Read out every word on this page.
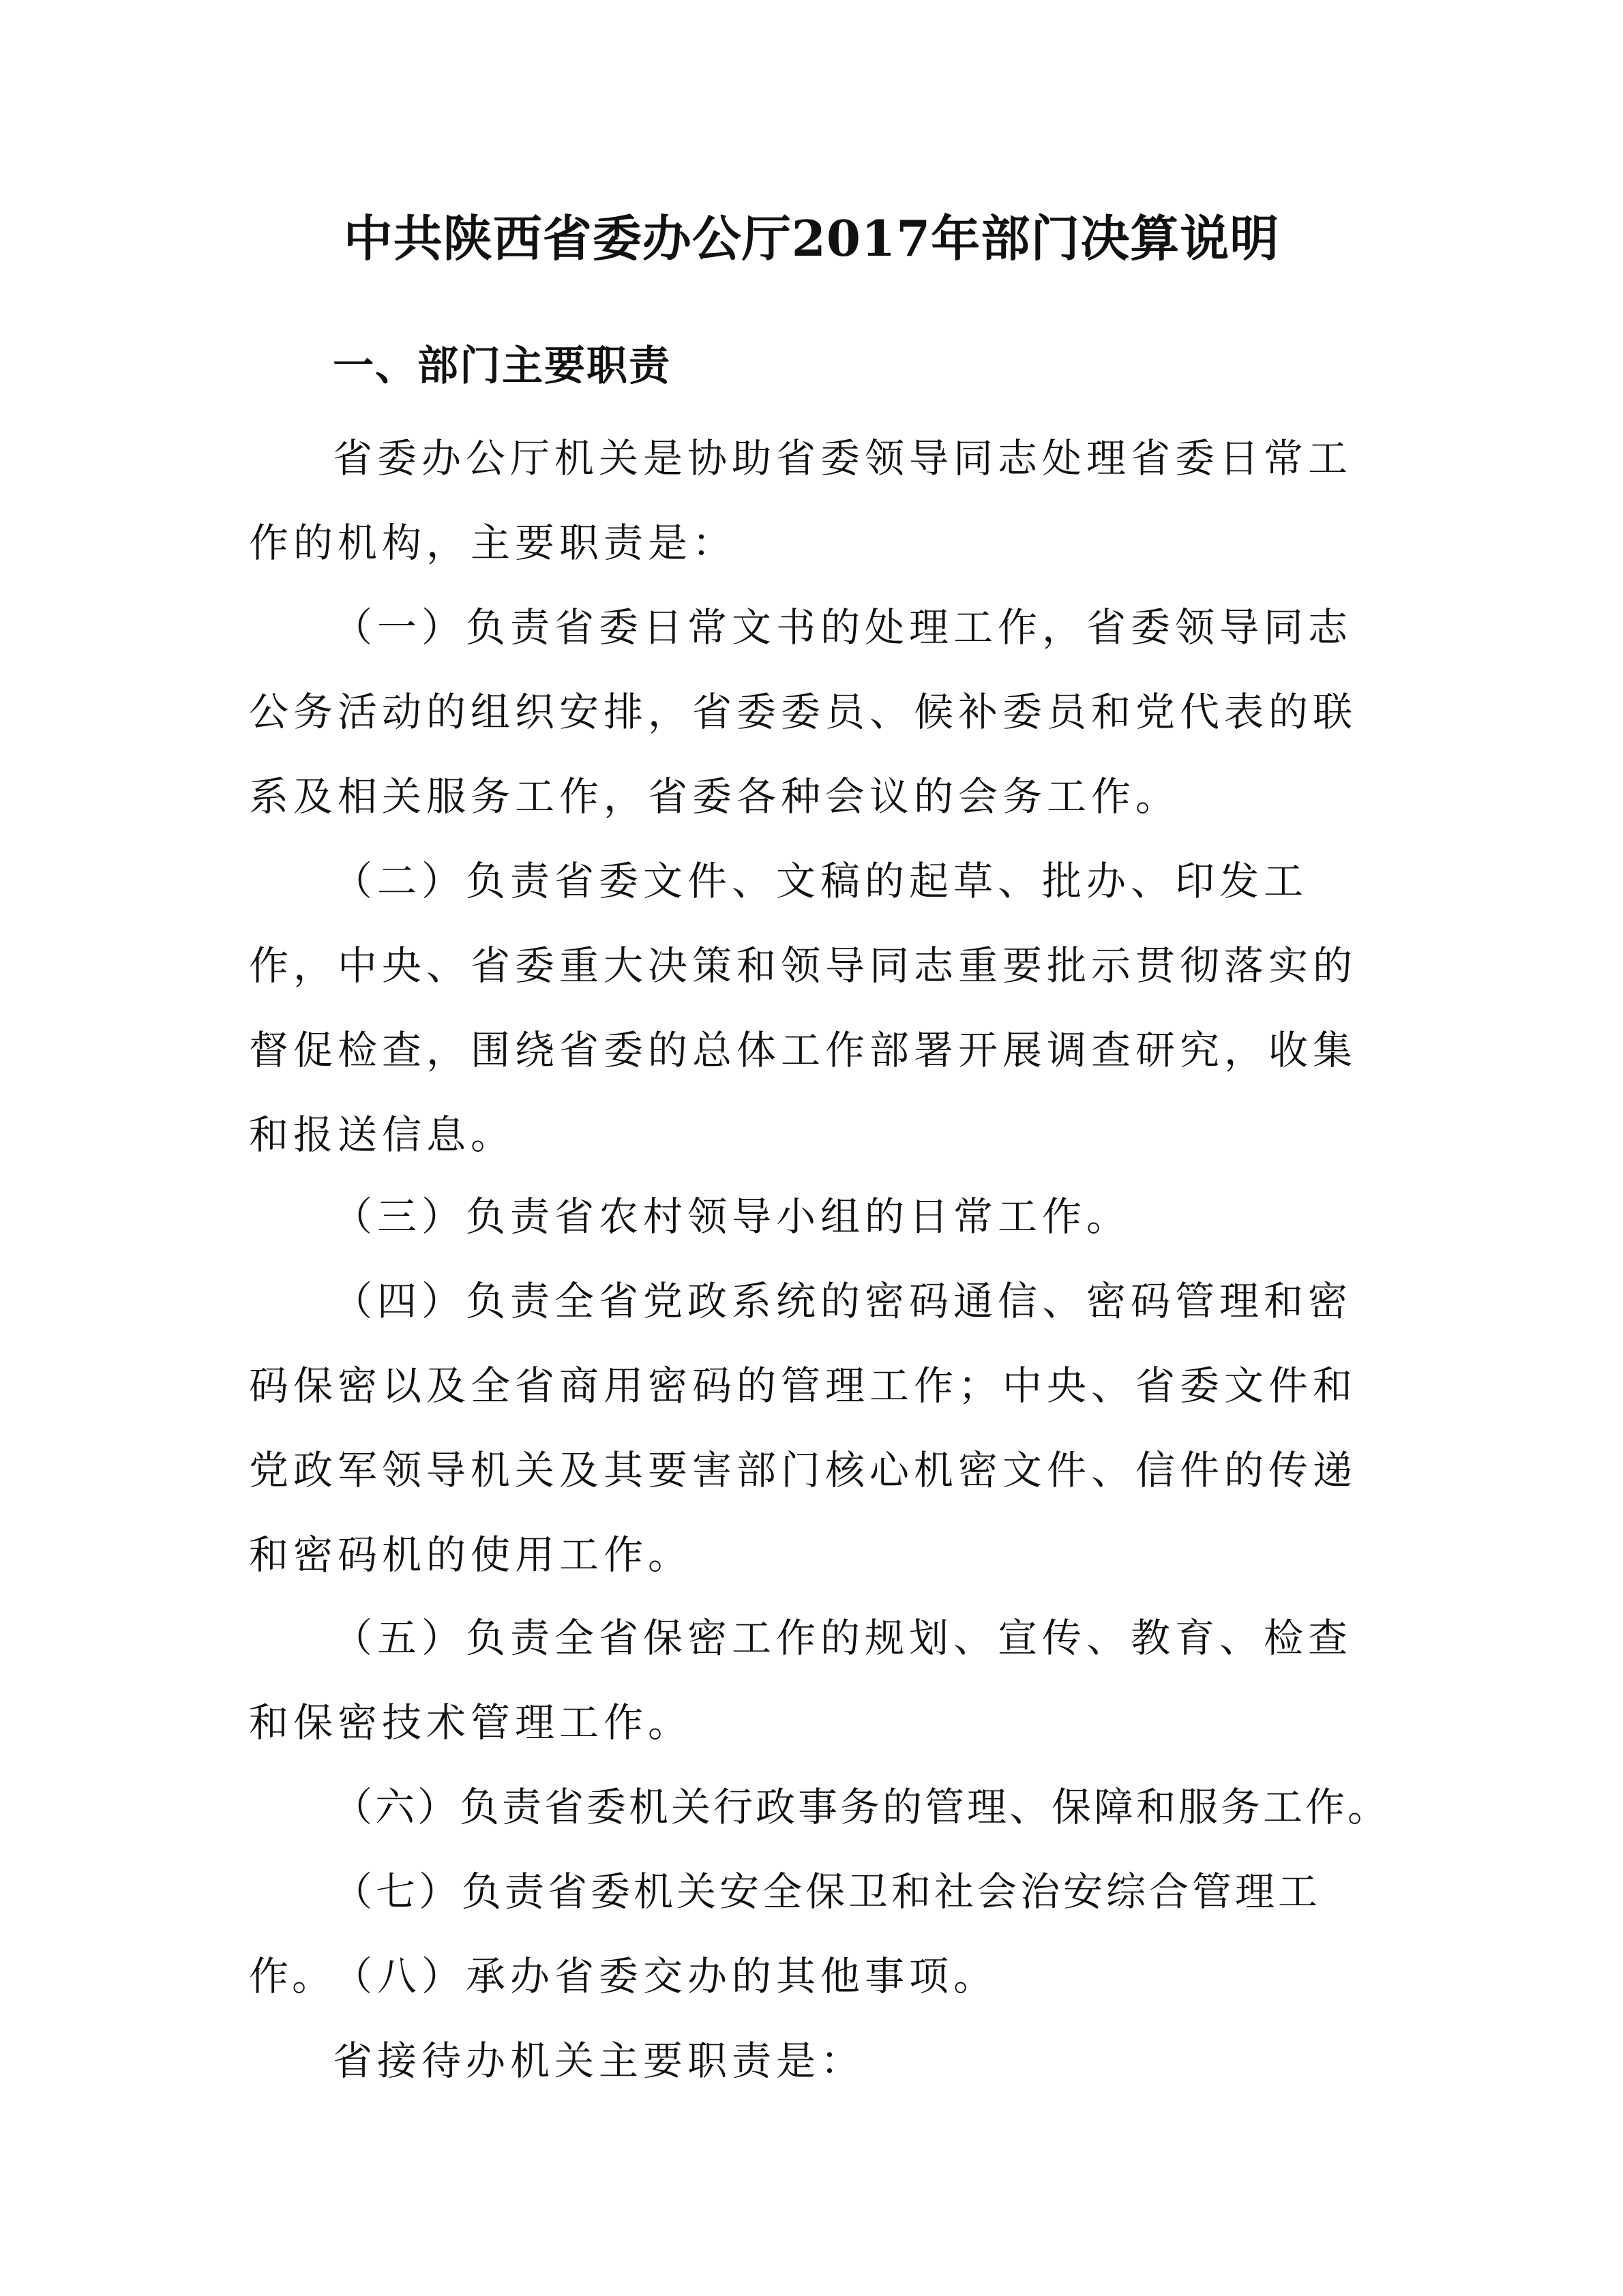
中共陕西省委办公厅2017年部门决算说明
一、部门主要职责

省委办公厅机关是协助省委领导同志处理省委日常工作的机构，主要职责是：

（一）负责省委日常文书的处理工作，省委领导同志公务活动的组织安排，省委委员、候补委员和党代表的联系及相关服务工作，省委各种会议的会务工作。

（二）负责省委文件、文稿的起草、批办、印发工作，中央、省委重大决策和领导同志重要批示贯彻落实的督促检查，围绕省委的总体工作部署开展调查研究，收集和报送信息。

（三）负责省农村领导小组的日常工作。

（四）负责全省党政系统的密码通信、密码管理和密码保密以及全省商用密码的管理工作；中央、省委文件和党政军领导机关及其要害部门核心机密文件、信件的传递和密码机的使用工作。

（五）负责全省保密工作的规划、宣传、教育、检查和保密技术管理工作。

（六）负责省委机关行政事务的管理、保障和服务工作。

（七）负责省委机关安全保卫和社会治安综合管理工作。

（八）承办省委交办的其他事项。

省接待办机关主要职责是：
